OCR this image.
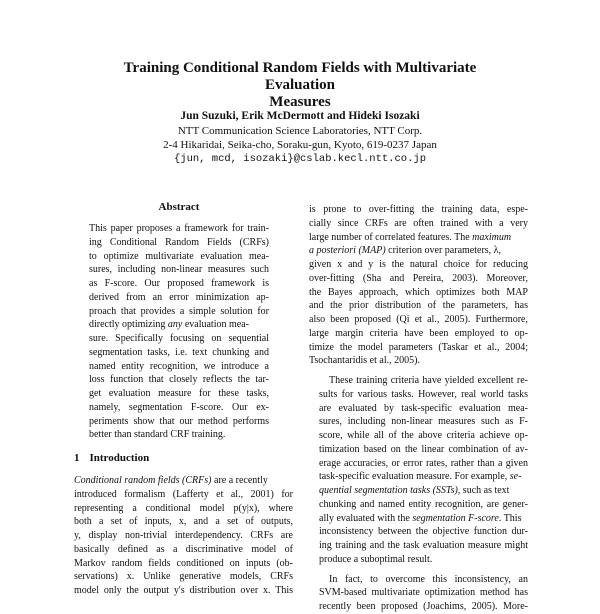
Training Conditional Random Fields with Multivariate Evaluation
Measures
Jun Suzuki, Erik McDermott and Hideki Isozaki
NTT Communication Science Laboratories, NTT Corp.
2-4 Hikaridai, Seika-cho, Soraku-gun, Kyoto, 619-0237 Japan
{jun, mcd, isozaki}@cslab.kecl.ntt.co.jp
Abstract
This paper proposes a framework for train-
ing Conditional Random Fields (CRFs)
to optimize multivariate evaluation mea-
sures, including non-linear measures such
as F-score. Our proposed framework is
derived from an error minimization ap-
proach that provides a simple solution for
directly optimizing any evaluation mea-
sure. Specifically focusing on sequential
segmentation tasks, i.e. text chunking and
named entity recognition, we introduce a
loss function that closely reflects the tar-
get evaluation measure for these tasks,
namely, segmentation F-score. Our ex-
periments show that our method performs
better than standard CRF training.
1 Introduction
Conditional random fields (CRFs) are a recently
introduced formalism (Lafferty et al., 2001) for
representing a conditional model p(y|x), where
both a set of inputs, x, and a set of outputs,
y, display non-trivial interdependency. CRFs are
basically defined as a discriminative model of
Markov random fields conditioned on inputs (ob-
servations) x. Unlike generative models, CRFs
model only the output y's distribution over x. This
is prone to over-fitting the training data, espe-
cially since CRFs are often trained with a very
large number of correlated features. The maximum
a posteriori (MAP) criterion over parameters, λ,
given x and y is the natural choice for reducing
over-fitting (Sha and Pereira, 2003). Moreover,
the Bayes approach, which optimizes both MAP
and the prior distribution of the parameters, has
also been proposed (Qi et al., 2005). Furthermore,
large margin criteria have been employed to op-
timize the model parameters (Taskar et al., 2004;
Tsochantaridis et al., 2005).
These training criteria have yielded excellent re-
sults for various tasks. However, real world tasks
are evaluated by task-specific evaluation mea-
sures, including non-linear measures such as F-
score, while all of the above criteria achieve op-
timization based on the linear combination of av-
erage accuracies, or error rates, rather than a given
task-specific evaluation measure. For example, se-
quential segmentation tasks (SSTs), such as text
chunking and named entity recognition, are gener-
ally evaluated with the segmentation F-score. This
inconsistency between the objective function dur-
ing training and the task evaluation measure might
produce a suboptimal result.
In fact, to overcome this inconsistency, an
SVM-based multivariate optimization method has
recently been proposed (Joachims, 2005). More-
